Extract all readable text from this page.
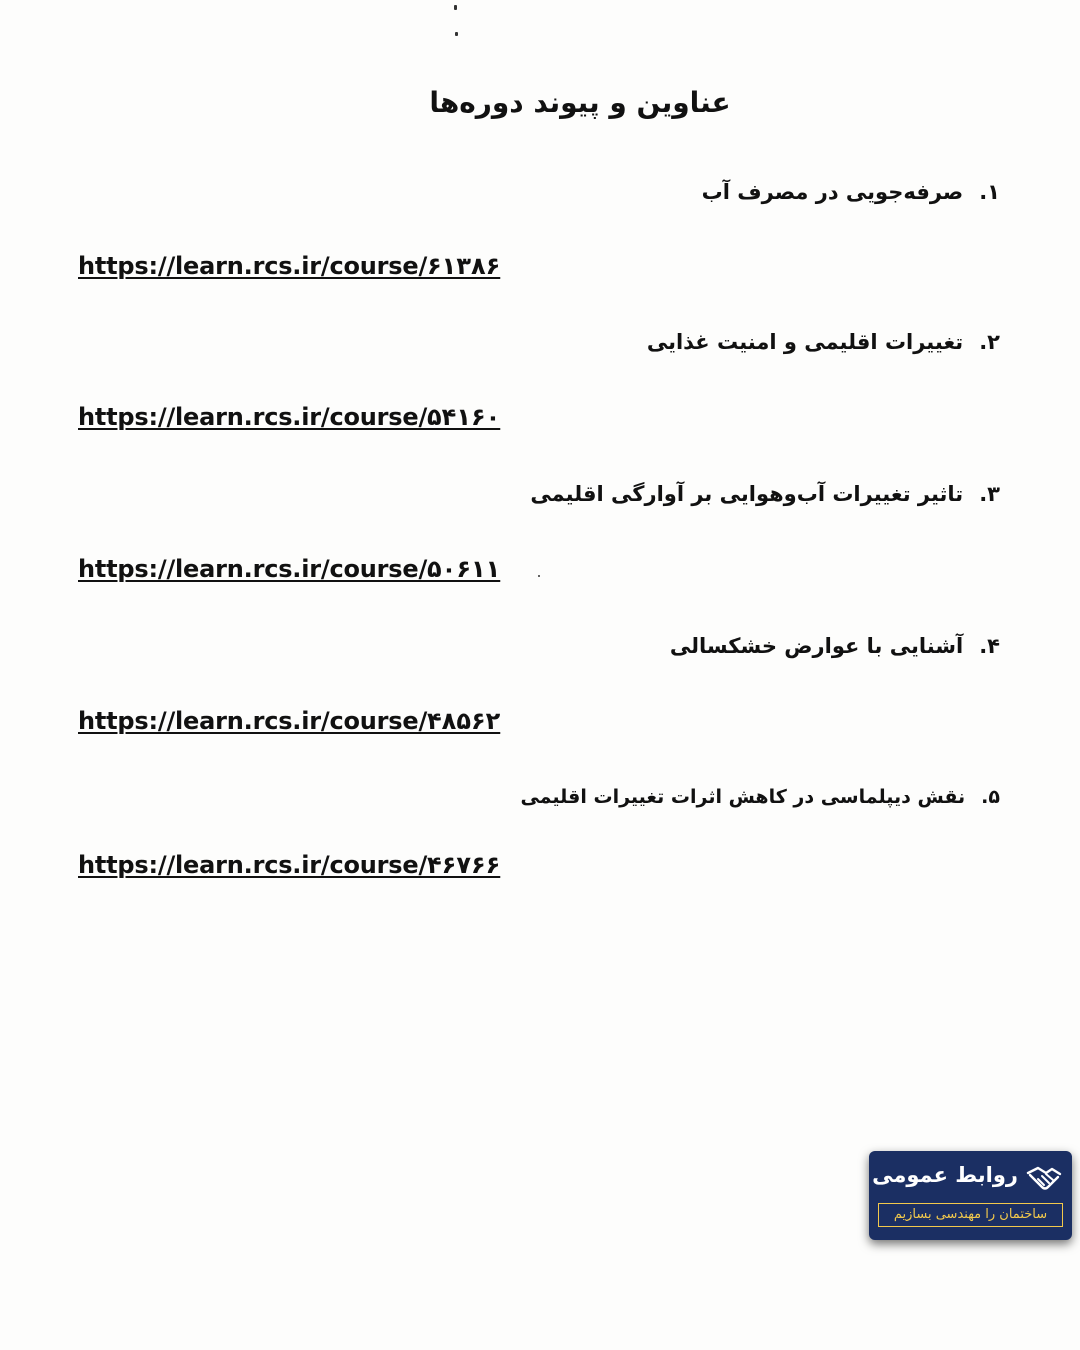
عناوین و پیوند دوره‌ها
۱.صرفه‌جویی در مصرف آب
https://learn.rcs.ir/course/۶۱۳۸۶
۲.تغییرات اقلیمی و امنیت غذایی
https://learn.rcs.ir/course/۵۴۱۶۰
۳.تاثیر تغییرات آب‌وهوایی بر آوارگی اقلیمی
https://learn.rcs.ir/course/۵۰۶۱۱
۴.آشنایی با عوارض خشکسالی
https://learn.rcs.ir/course/۴۸۵۶۲
۵.نقش دیپلماسی در کاهش اثرات تغییرات اقلیمی
https://learn.rcs.ir/course/۴۶۷۶۶
روابط عمومی
ساختمان را مهندسی بسازیم
